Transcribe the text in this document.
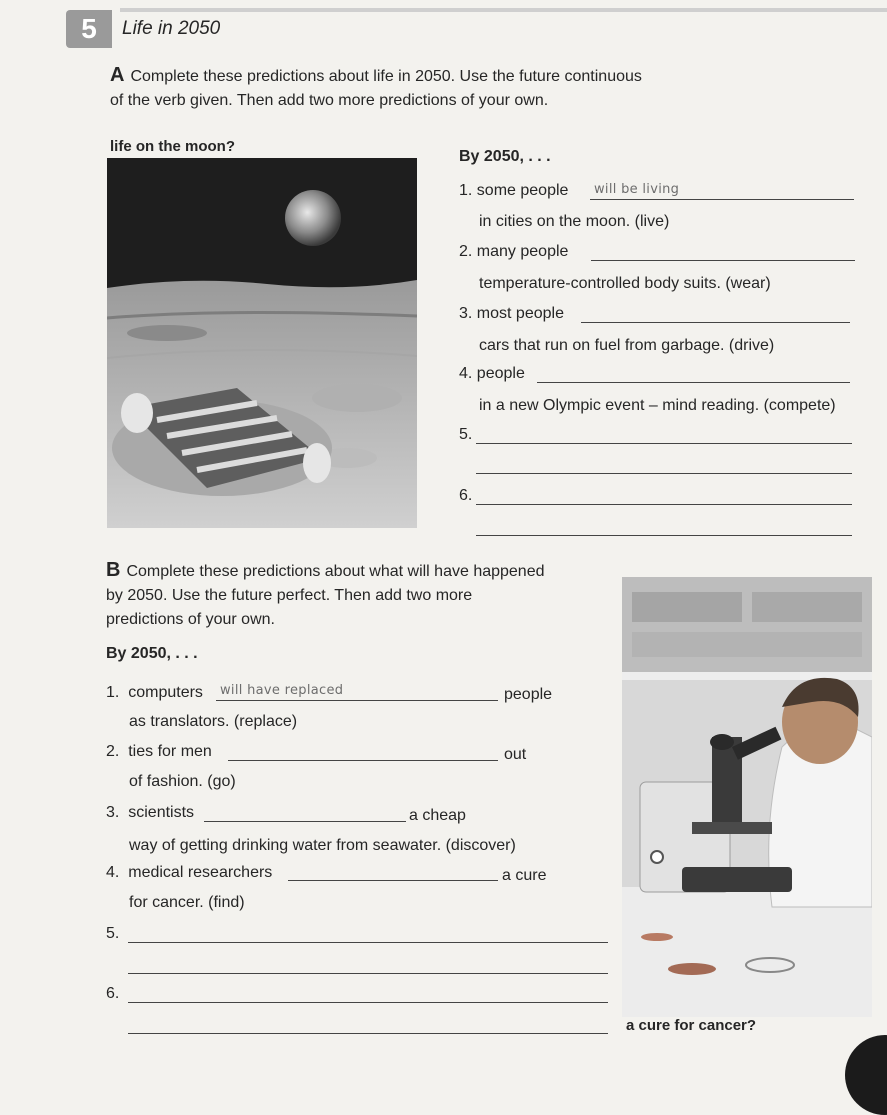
5	Life in 2050
A Complete these predictions about life in 2050. Use the future continuous
of the verb given. Then add two more predictions of your own.
life on the moon?
By 2050, . . .
1. some people	will be living
in cities on the moon. (live)
2. many people
temperature-controlled body suits. (wear)
3. most people
cars that run on fuel from garbage. (drive)
4. people
in a new Olympic event – mind reading. (compete)
5.
6.
B Complete these predictions about what will have happened
by 2050. Use the future perfect. Then add two more
predictions of your own.
By 2050, . . .
1. computers	will have replaced	people
as translators. (replace)
2. ties for men	out
of fashion. (go)
3. scientists	a cheap
way of getting drinking water from seawater. (discover)
4. medical researchers	a cure
for cancer. (find)
5.
6.
a cure for cancer?
